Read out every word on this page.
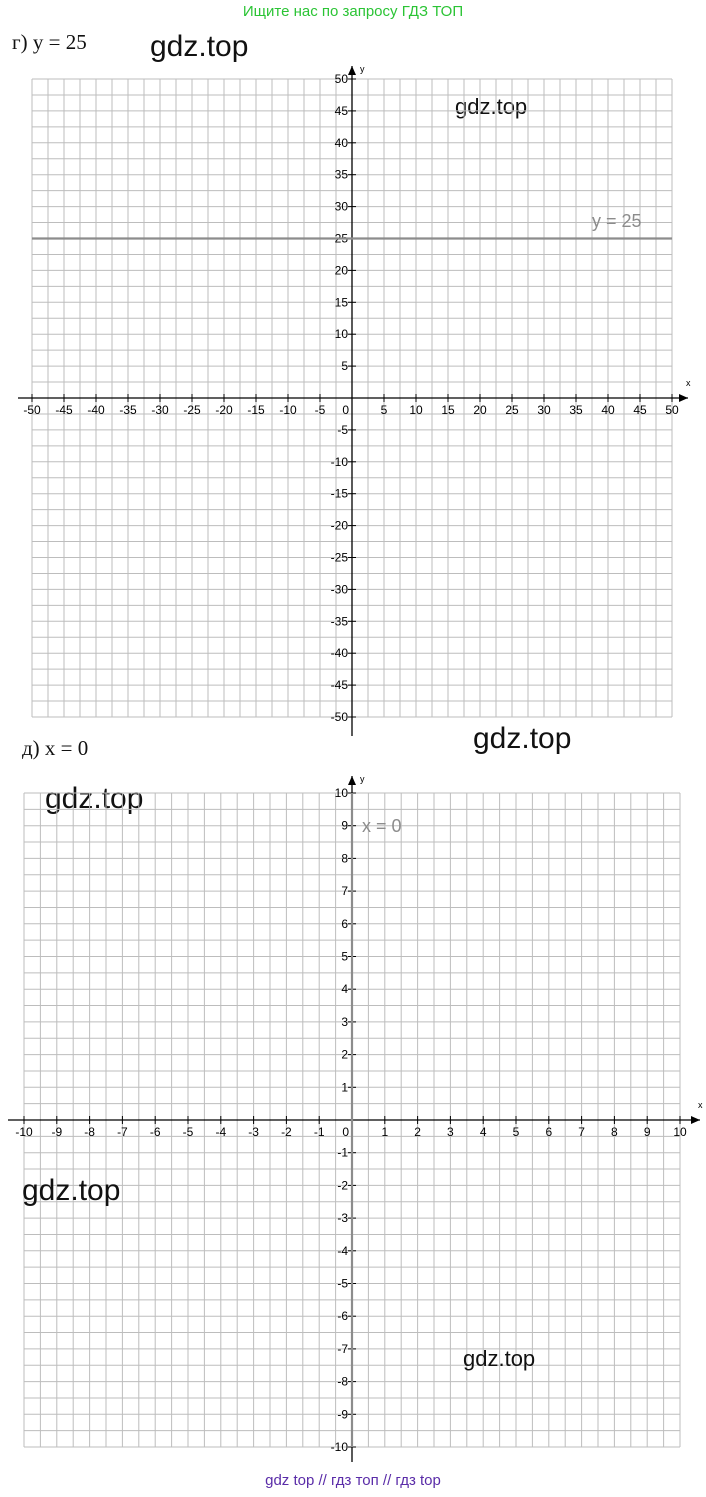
Ищите нас по запросу ГДЗ ТОП
г) y = 25 gdz.top
gdz.top
x
y
-50 -45 -40 -35 -30 -25 -20 -15 -10 -5 0	5 10 15 20 25 30 35 40 45 50
-50
-45
-40
-35
-30
-25
-20
-15
-10
-5
5
10
15
20
25
30
35
40
45
50
y = 25
д) x = 0	gdz.top
gdz.top
x
y
-10 -9 -8 -7 -6 -5 -4 -3 -2 -1 0	1 2 3 4 5 6 7 8 9 10
-10
-9
-8
-7
-6
-5
-4
-3
-2
-1
1
2
3
4
5
6
7
8
9
10
x = 0
gdz.top
gdz.top
gdz top // гдз топ // гдз top
